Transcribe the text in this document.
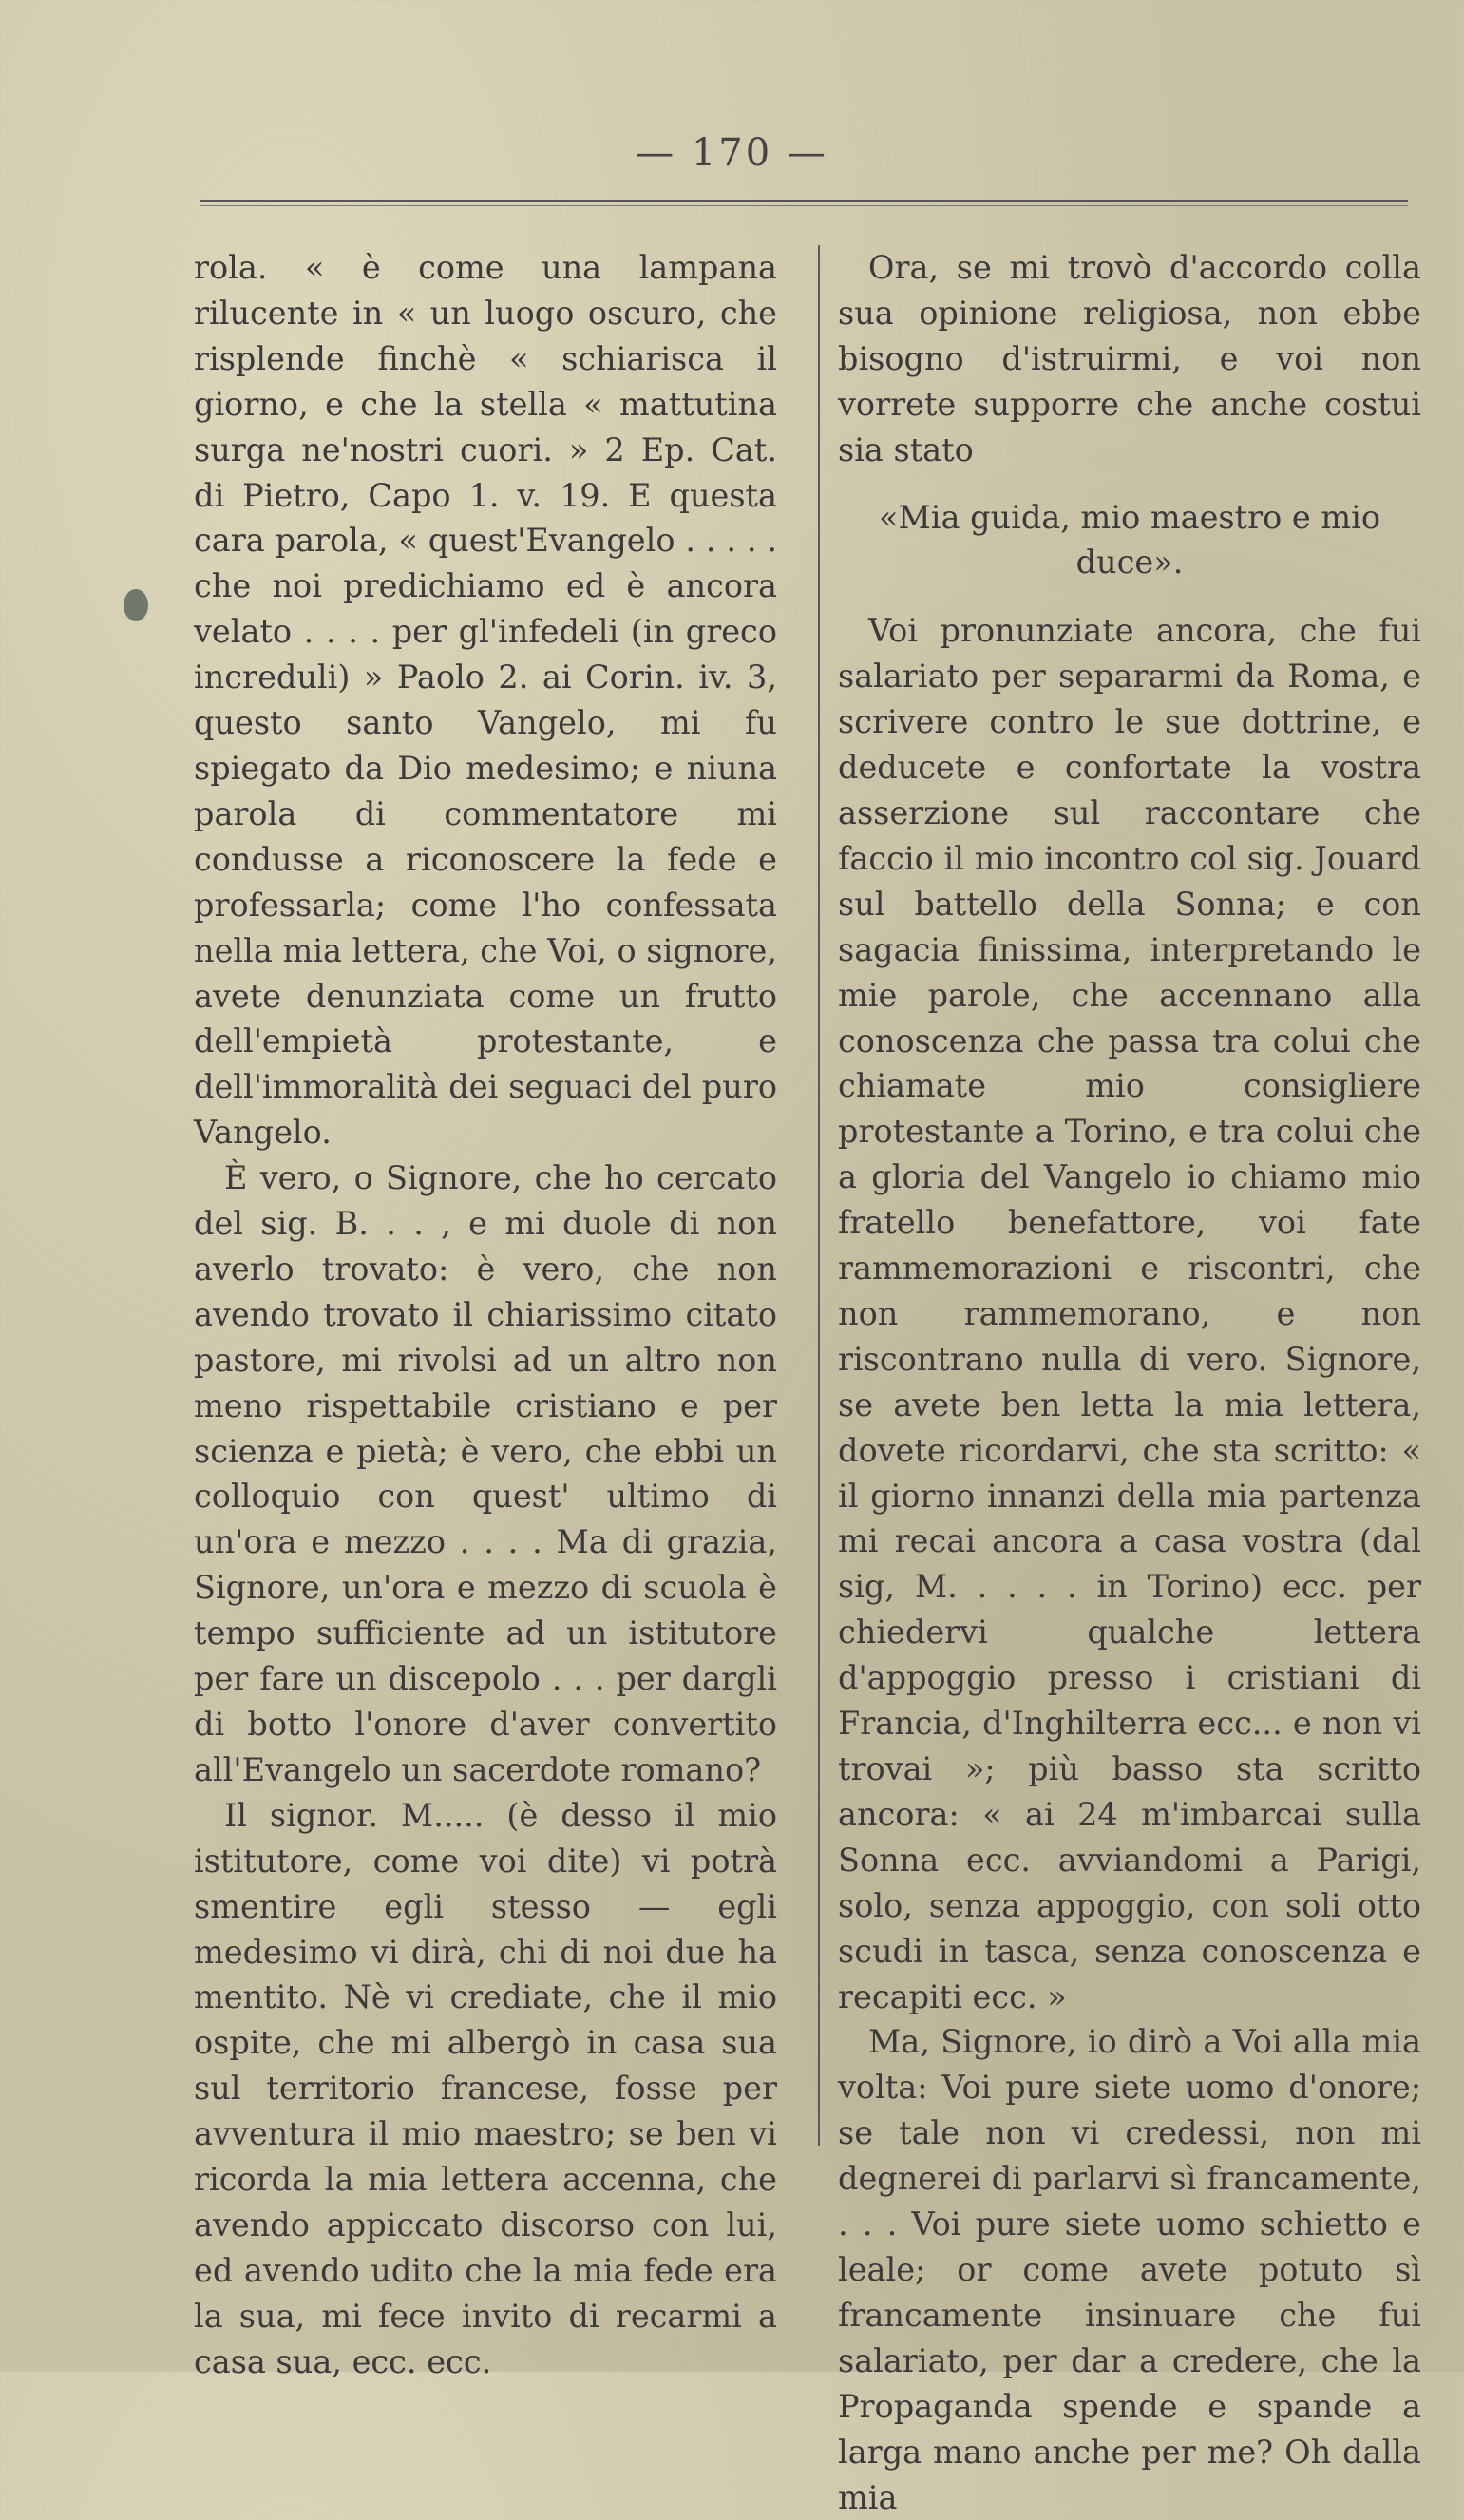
— 170 —

rola. « è come una lampana rilucente in « un luogo oscuro, che risplende finchè « schiarisca il giorno, e che la stella « mattutina surga ne'nostri cuori. » 2 Ep. Cat. di Pietro, Capo 1. v. 19. E questa cara parola, « quest'Evangelo . . . . . che noi predichiamo ed è ancora velato . . . . per gl'infedeli (in greco increduli) » Paolo 2. ai Corin. iv. 3, questo santo Vangelo, mi fu spiegato da Dio medesimo; e niuna parola di commentatore mi condusse a riconoscere la fede e professarla; come l'ho confessata nella mia lettera, che Voi, o signore, avete denunziata come un frutto dell'empietà protestante, e dell'immoralità dei seguaci del puro Vangelo.

È vero, o Signore, che ho cercato del sig. B. . . , e mi duole di non averlo trovato: è vero, che non avendo trovato il chiarissimo citato pastore, mi rivolsi ad un altro non meno rispettabile cristiano e per scienza e pietà; è vero, che ebbi un colloquio con quest' ultimo di un'ora e mezzo . . . . Ma di grazia, Signore, un'ora e mezzo di scuola è tempo sufficiente ad un istitutore per fare un discepolo . . . per dargli di botto l'onore d'aver convertito all'Evangelo un sacerdote romano?

Il signor. M..... (è desso il mio istitutore, come voi dite) vi potrà smentire egli stesso — egli medesimo vi dirà, chi di noi due ha mentito. Nè vi crediate, che il mio ospite, che mi albergò in casa sua sul territorio francese, fosse per avventura il mio maestro; se ben vi ricorda la mia lettera accenna, che avendo appiccato discorso con lui, ed avendo udito che la mia fede era la sua, mi fece invito di recarmi a casa sua, ecc. ecc.

Ora, se mi trovò d'accordo colla sua opinione religiosa, non ebbe bisogno d'istruirmi, e voi non vorrete supporre che anche costui sia stato

«Mia guida, mio maestro e mio duce».

Voi pronunziate ancora, che fui salariato per separarmi da Roma, e scrivere contro le sue dottrine, e deducete e confortate la vostra asserzione sul raccontare che faccio il mio incontro col sig. Jouard sul battello della Sonna; e con sagacia finissima, interpretando le mie parole, che accennano alla conoscenza che passa tra colui che chiamate mio consigliere protestante a Torino, e tra colui che a gloria del Vangelo io chiamo mio fratello benefattore, voi fate rammemorazioni e riscontri, che non rammemorano, e non riscontrano nulla di vero. Signore, se avete ben letta la mia lettera, dovete ricordarvi, che sta scritto: « il giorno innanzi della mia partenza mi recai ancora a casa vostra (dal sig, M. . . . . in Torino) ecc. per chiedervi qualche lettera d'appoggio presso i cristiani di Francia, d'Inghilterra ecc... e non vi trovai »; più basso sta scritto ancora: « ai 24 m'imbarcai sulla Sonna ecc. avviandomi a Parigi, solo, senza appoggio, con soli otto scudi in tasca, senza conoscenza e recapiti ecc. »

Ma, Signore, io dirò a Voi alla mia volta: Voi pure siete uomo d'onore; se tale non vi credessi, non mi degnerei di parlarvi sì francamente, . . . Voi pure siete uomo schietto e leale; or come avete potuto sì francamente insinuare che fui salariato, per dar a credere, che la Propaganda spende e spande a larga mano anche per me? Oh dalla mia
